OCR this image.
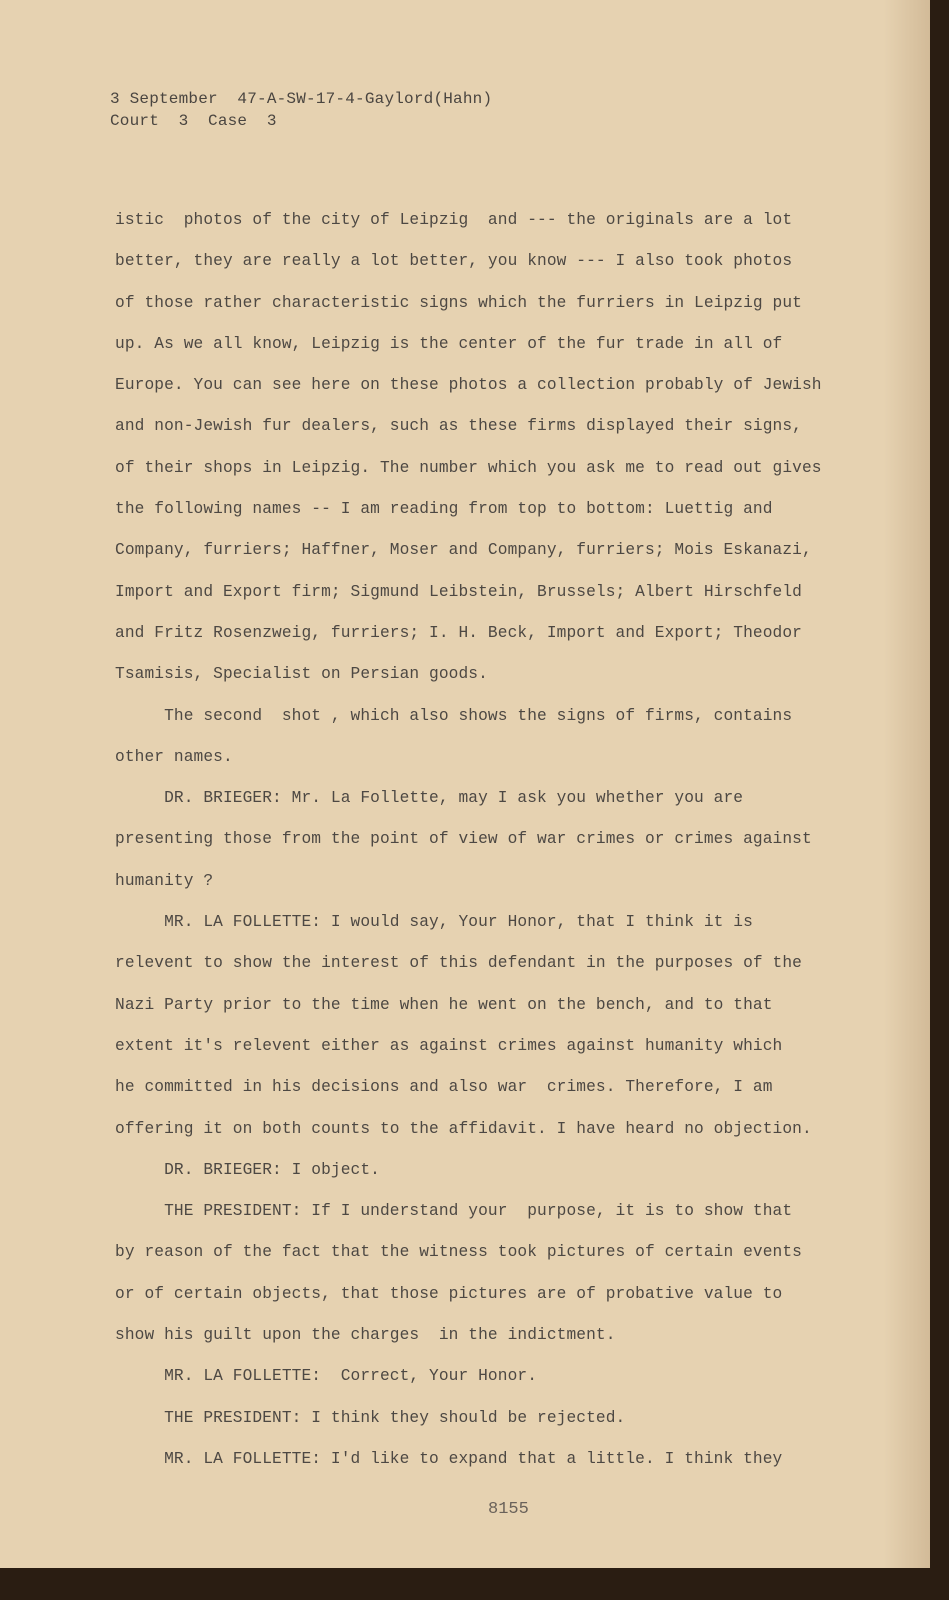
3 September  47-A-SW-17-4-Gaylord(Hahn)
Court  3  Case  3
istic  photos of the city of Leipzig  and --- the originals are a lot
better, they are really a lot better, you know --- I also took photos
of those rather characteristic signs which the furriers in Leipzig put
up. As we all know, Leipzig is the center of the fur trade in all of
Europe. You can see here on these photos a collection probably of Jewish
and non-Jewish fur dealers, such as these firms displayed their signs,
of their shops in Leipzig. The number which you ask me to read out gives
the following names -- I am reading from top to bottom: Luettig and
Company, furriers; Haffner, Moser and Company, furriers; Mois Eskanazi,
Import and Export firm; Sigmund Leibstein, Brussels; Albert Hirschfeld
and Fritz Rosenzweig, furriers; I. H. Beck, Import and Export; Theodor
Tsamisis, Specialist on Persian goods.
The second  shot , which also shows the signs of firms, contains
other names.
DR. BRIEGER: Mr. La Follette, may I ask you whether you are
presenting those from the point of view of war crimes or crimes against
humanity ?
MR. LA FOLLETTE: I would say, Your Honor, that I think it is
relevent to show the interest of this defendant in the purposes of the
Nazi Party prior to the time when he went on the bench, and to that
extent it's relevent either as against crimes against humanity which
he committed in his decisions and also war  crimes. Therefore, I am
offering it on both counts to the affidavit. I have heard no objection.
DR. BRIEGER: I object.
THE PRESIDENT: If I understand your  purpose, it is to show that
by reason of the fact that the witness took pictures of certain events
or of certain objects, that those pictures are of probative value to
show his guilt upon the charges  in the indictment.
MR. LA FOLLETTE:  Correct, Your Honor.
THE PRESIDENT: I think they should be rejected.
MR. LA FOLLETTE: I'd like to expand that a little. I think they
8155
